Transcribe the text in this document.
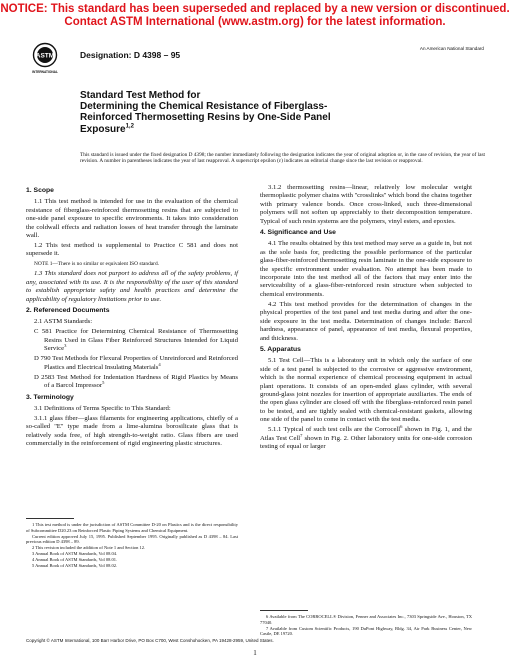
NOTICE: This standard has been superseded and replaced by a new version or discontinued.
Contact ASTM International (www.astm.org) for the latest information.
ASTM
INTERNATIONAL
Designation: D 4398 – 95
An American National Standard
Standard Test Method for
Determining the Chemical Resistance of Fiberglass-
Reinforced Thermosetting Resins by One-Side Panel
Exposure$^{1,2}$
This standard is issued under the fixed designation D 4398; the number immediately following the designation indicates the year of original adoption or, in the case of revision, the year of last revision. A number in parentheses indicates the year of last reapproval. A superscript epsilon (ε) indicates an editorial change since the last revision or reapproval.
1. Scope

1.1 This test method is intended for use in the evaluation of the chemical resistance of fiberglass-reinforced thermosetting resins that are subjected to one-side panel exposure to specific environments. It takes into consideration the coldwall effects and radiation losses of heat transfer through the laminate wall.

1.2 This test method is supplemental to Practice C 581 and does not supersede it.

NOTE 1—There is no similar or equivalent ISO standard.

1.3 This standard does not purport to address all of the safety problems, if any, associated with its use. It is the responsibility of the user of this standard to establish appropriate safety and health practices and determine the applicability of regulatory limitations prior to use.

2. Referenced Documents

2.1 ASTM Standards:

C 581 Practice for Determining Chemical Resistance of Thermosetting Resins Used in Glass Fiber Reinforced Structures Intended for Liquid Service$^3$

D 790 Test Methods for Flexural Properties of Unreinforced and Reinforced Plastics and Electrical Insulating Materials$^4$

D 2583 Test Method for Indentation Hardness of Rigid Plastics by Means of a Barcol Impressor$^5$

3. Terminology

3.1 Definitions of Terms Specific to This Standard:

3.1.1 glass fiber—glass filaments for engineering applications, chiefly of a so-called ''E'' type made from a lime-alumina borosilicate glass that is relatively soda free, of high strength-to-weight ratio. Glass fibers are used commercially in the reinforcement of rigid engineering plastic structures.

3.1.2 thermosetting resins—linear, relatively low molecular weight thermoplastic polymer chains with ''crosslinks'' which bond the chains together with primary valence bonds. Once cross-linked, such three-dimensional polymers will not soften up appreciably to their decomposition temperature. Typical of such resin systems are the polymers, vinyl esters, and epoxies.

4. Significance and Use

4.1 The results obtained by this test method may serve as a guide in, but not as the sole basis for, predicting the possible performance of the particular glass-fiber-reinforced thermosetting resin laminate in the one-side exposure to the specific environment under evaluation. No attempt has been made to incorporate into the test method all of the factors that may enter into the serviceability of a glass-fiber-reinforced resin structure when subjected to chemical environments.

4.2 This test method provides for the determination of changes in the physical properties of the test panel and test media during and after the one-side exposure in the test media. Determination of changes include: Barcol hardness, appearance of panel, appearance of test media, flexural properties, and thickness.

5. Apparatus

5.1 Test Cell—This is a laboratory unit in which only the surface of one side of a test panel is subjected to the corrosive or aggressive environment, which is the normal experience of chemical processing equipment in actual plant operations. It consists of an open-ended glass cylinder, with several ground-glass joint nozzles for insertion of appropriate auxiliaries. The ends of the open glass cylinder are closed off with the fiberglass-reinforced resin panel to be tested, and are tightly sealed with chemical-resistant gaskets, allowing one side of the panel to come in contact with the test media.

5.1.1 Typical of such test cells are the Corrocell$^6$ shown in Fig. 1, and the Atlas Test Cell$^7$ shown in Fig. 2. Other laboratory units for one-side corrosion testing of equal or larger

1 This test method is under the jurisdiction of ASTM Committee D-20 on Plastics and is the direct responsibility of Subcommittee D20.23 on Reinforced Plastic Piping Systems and Chemical Equipment.

Current edition approved July 15, 1995. Published September 1995. Originally published as D 4398 – 84. Last previous edition D 4398 – 89.

2 This revision included the addition of Note 1 and Section 12.

3 Annual Book of ASTM Standards, Vol 08.04.

4 Annual Book of ASTM Standards, Vol 08.01.

5 Annual Book of ASTM Standards, Vol 08.02.

6 Available from The CORROCELL® Division, Fenner and Associates Inc., 7303 Springside Ave., Houston, TX 77040.

7 Available from Custom Scientific Products, 190 DuPont Highway, Bldg. 34, Air Park Business Center, New Castle, DE 19720.

Copyright © ASTM International, 100 Barr Harbor Drive, PO Box C700, West Conshohocken, PA 19428-2959, United States.
1
